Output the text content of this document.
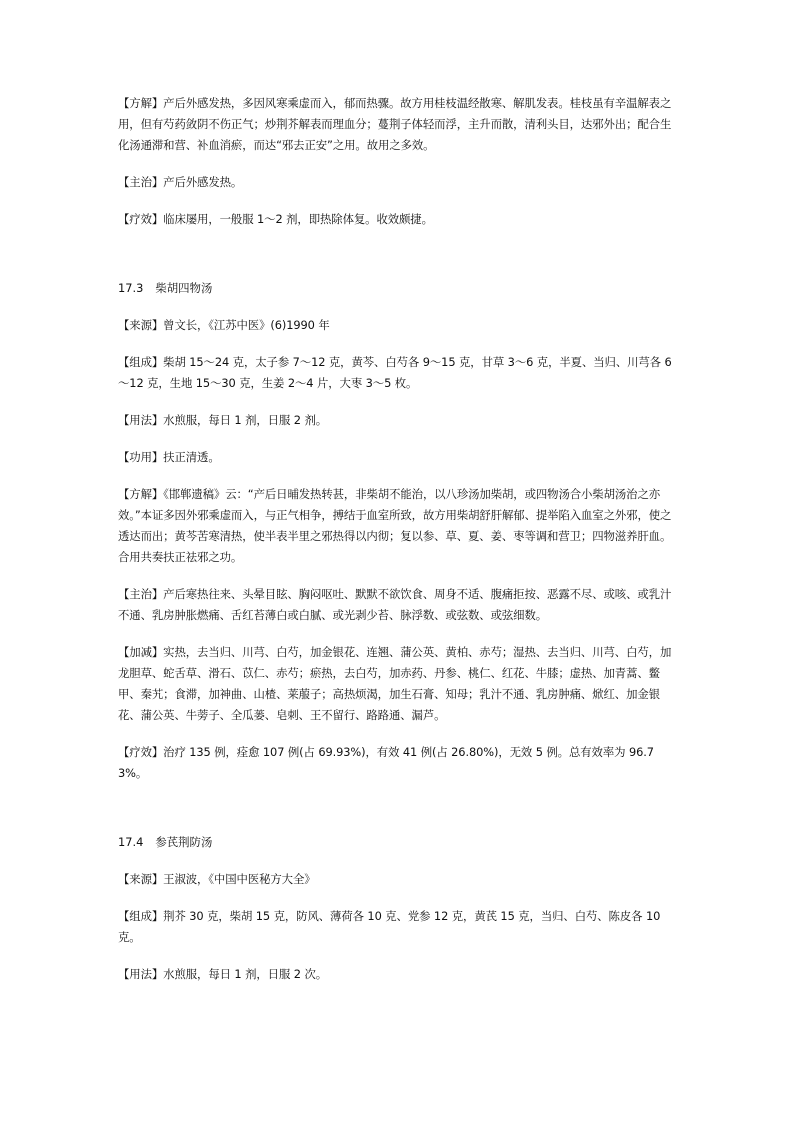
【方解】产后外感发热，多因风寒乘虚而入，郁而热骤。故方用桂枝温经散寒、解肌发表。桂枝虽有辛温解表之用，但有芍药敛阴不伤正气；炒荆芥解表而理血分；蔓荆子体轻而浮，主升而散，清利头目，达邪外出；配合生化汤通滞和营、补血消瘀，而达“邪去正安”之用。故用之多效。

【主治】产后外感发热。

【疗效】临床屡用，一般服 1～2 剂，即热除体复。收效颇捷。

17.3 柴胡四物汤

【来源】曾文长，《江苏中医》(6)1990 年

【组成】柴胡 15～24 克，太子参 7～12 克，黄芩、白芍各 9～15 克，甘草 3～6 克，半夏、当归、川芎各 6～12 克，生地 15～30 克，生姜 2～4 片，大枣 3～5 枚。

【用法】水煎服，每日 1 剂，日服 2 剂。

【功用】扶正清透。

【方解】《邯郸遗稿》云：“产后日晡发热转甚，非柴胡不能治，以八珍汤加柴胡，或四物汤合小柴胡汤治之亦效。”本证多因外邪乘虚而入，与正气相争，搏结于血室所致，故方用柴胡舒肝解郁、提举陷入血室之外邪，使之透达而出；黄芩苦寒清热，使半表半里之邪热得以内彻；复以参、草、夏、姜、枣等调和营卫；四物滋养肝血。合用共奏扶正祛邪之功。

【主治】产后寒热往来、头晕目眩、胸闷呕吐、默默不欲饮食、周身不适、腹痛拒按、恶露不尽、或咳、或乳汁不通、乳房肿胀燃痛、舌红苔薄白或白腻、或光剥少苔、脉浮数、或弦数、或弦细数。

【加减】实热，去当归、川芎、白芍，加金银花、连翘、蒲公英、黄柏、赤芍；湿热、去当归、川芎、白芍，加龙胆草、蛇舌草、滑石、苡仁、赤芍；瘀热，去白芍，加赤药、丹参、桃仁、红花、牛膝；虚热、加青蒿、鳖甲、秦艽；食滞，加神曲、山楂、莱菔子；高热烦渴，加生石膏、知母；乳汁不通、乳房肿痛、焮红、加金银花、蒲公英、牛蒡子、全瓜蒌、皂刺、王不留行、路路通、漏芦。

【疗效】治疗 135 例，痊愈 107 例(占 69.93%)，有效 41 例(占 26.80%)，无效 5 例。总有效率为 96.73%。

17.4 参芪荆防汤

【来源】王淑波，《中国中医秘方大全》

【组成】荆芥 30 克，柴胡 15 克，防风、薄荷各 10 克、党参 12 克，黄芪 15 克，当归、白芍、陈皮各 10 克。

【用法】水煎服，每日 1 剂，日服 2 次。
